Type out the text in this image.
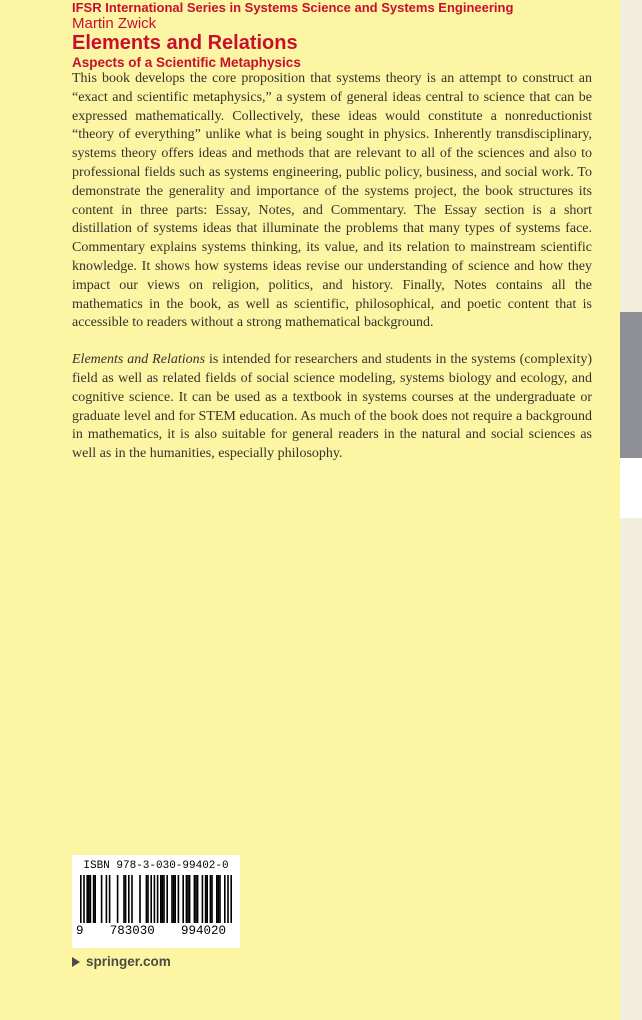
IFSR International Series in Systems Science and Systems Engineering

Martin Zwick

Elements and Relations
Aspects of a Scientific Metaphysics

This book develops the core proposition that systems theory is an attempt to construct an “exact and scientific metaphysics,” a system of general ideas central to science that can be expressed mathematically. Collectively, these ideas would constitute a nonreductionist “theory of everything” unlike what is being sought in physics. Inherently transdisciplinary, systems theory offers ideas and methods that are relevant to all of the sciences and also to professional fields such as systems engineering, public policy, business, and social work. To demonstrate the generality and importance of the systems project, the book structures its content in three parts: Essay, Notes, and Commentary. The Essay section is a short distillation of systems ideas that illuminate the problems that many types of systems face. Commentary explains systems thinking, its value, and its relation to mainstream scientific knowledge. It shows how systems ideas revise our understanding of science and how they impact our views on religion, politics, and history. Finally, Notes contains all the mathematics in the book, as well as scientific, philosophical, and poetic content that is accessible to readers without a strong mathematical background.

Elements and Relations is intended for researchers and students in the systems (complexity) field as well as related fields of social science modeling, systems biology and ecology, and cognitive science. It can be used as a textbook in systems courses at the undergraduate or graduate level and for STEM education. As much of the book does not require a background in mathematics, it is also suitable for general readers in the natural and social sciences as well as in the humanities, especially philosophy.

ISBN 978-3-030-99402-0
9 783030 994020
springer.com
